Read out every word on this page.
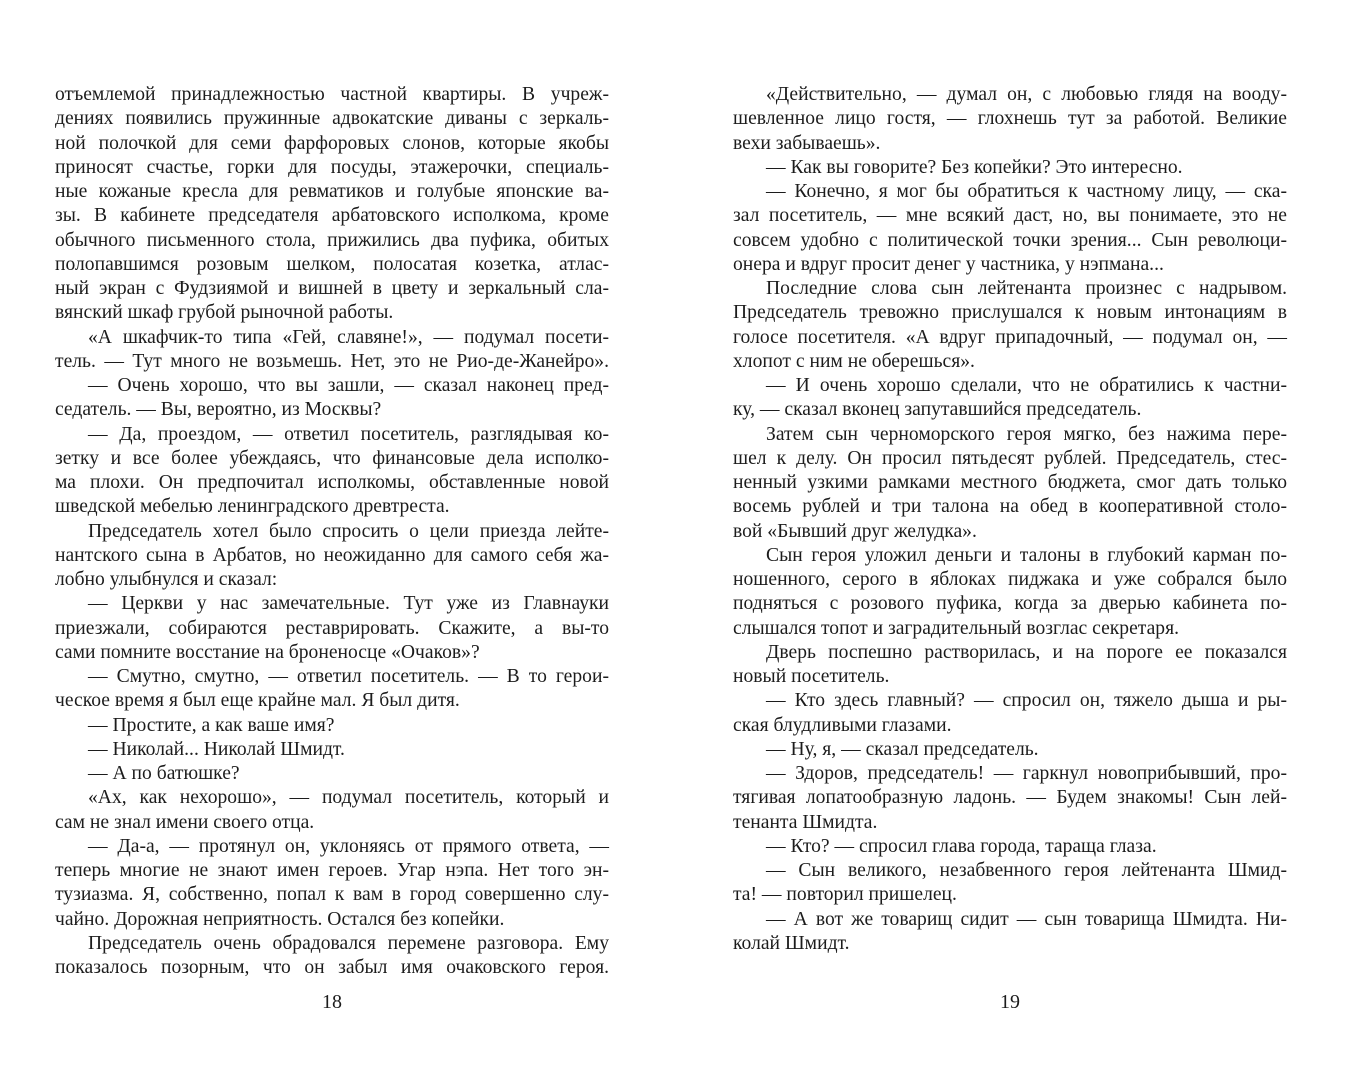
отъемлемой принадлежностью частной квартиры. В учреж-
дениях появились пружинные адвокатские диваны с зеркаль-
ной полочкой для семи фарфоровых слонов, которые якобы
приносят счастье, горки для посуды, этажерочки, специаль-
ные кожаные кресла для ревматиков и голубые японские ва-
зы. В кабинете председателя арбатовского исполкома, кроме
обычного письменного стола, прижились два пуфика, обитых
полопавшимся розовым шелком, полосатая козетка, атлас-
ный экран с Фудзиямой и вишней в цвету и зеркальный сла-
вянский шкаф грубой рыночной работы.
«А шкафчик-то типа «Гей, славяне!», — подумал посети-
тель. — Тут много не возьмешь. Нет, это не Рио-де-Жанейро».
— Очень хорошо, что вы зашли, — сказал наконец пред-
седатель. — Вы, вероятно, из Москвы?
— Да, проездом, — ответил посетитель, разглядывая ко-
зетку и все более убеждаясь, что финансовые дела исполко-
ма плохи. Он предпочитал исполкомы, обставленные новой
шведской мебелью ленинградского древтреста.
Председатель хотел было спросить о цели приезда лейте-
нантского сына в Арбатов, но неожиданно для самого себя жа-
лобно улыбнулся и сказал:
— Церкви у нас замечательные. Тут уже из Главнауки
приезжали, собираются реставрировать. Скажите, а вы-то
сами помните восстание на броненосце «Очаков»?
— Смутно, смутно, — ответил посетитель. — В то герои-
ческое время я был еще крайне мал. Я был дитя.
— Простите, а как ваше имя?
— Николай... Николай Шмидт.
— А по батюшке?
«Ах, как нехорошо», — подумал посетитель, который и
сам не знал имени своего отца.
— Да-а, — протянул он, уклоняясь от прямого ответа, —
теперь многие не знают имен героев. Угар нэпа. Нет того эн-
тузиазма. Я, собственно, попал к вам в город совершенно слу-
чайно. Дорожная неприятность. Остался без копейки.
Председатель очень обрадовался перемене разговора. Ему
показалось позорным, что он забыл имя очаковского героя.
18
«Действительно, — думал он, с любовью глядя на вооду-
шевленное лицо гостя, — глохнешь тут за работой. Великие
вехи забываешь».
— Как вы говорите? Без копейки? Это интересно.
— Конечно, я мог бы обратиться к частному лицу, — ска-
зал посетитель, — мне всякий даст, но, вы понимаете, это не
совсем удобно с политической точки зрения... Сын революци-
онера и вдруг просит денег у частника, у нэпмана...
Последние слова сын лейтенанта произнес с надрывом.
Председатель тревожно прислушался к новым интонациям в
голосе посетителя. «А вдруг припадочный, — подумал он, —
хлопот с ним не оберешься».
— И очень хорошо сделали, что не обратились к частни-
ку, — сказал вконец запутавшийся председатель.
Затем сын черноморского героя мягко, без нажима пере-
шел к делу. Он просил пятьдесят рублей. Председатель, стес-
ненный узкими рамками местного бюджета, смог дать только
восемь рублей и три талона на обед в кооперативной столо-
вой «Бывший друг желудка».
Сын героя уложил деньги и талоны в глубокий карман по-
ношенного, серого в яблоках пиджака и уже собрался было
подняться с розового пуфика, когда за дверью кабинета по-
слышался топот и заградительный возглас секретаря.
Дверь поспешно растворилась, и на пороге ее показался
новый посетитель.
— Кто здесь главный? — спросил он, тяжело дыша и ры-
ская блудливыми глазами.
— Ну, я, — сказал председатель.
— Здоров, председатель! — гаркнул новоприбывший, про-
тягивая лопатообразную ладонь. — Будем знакомы! Сын лей-
тенанта Шмидта.
— Кто? — спросил глава города, тараща глаза.
— Сын великого, незабвенного героя лейтенанта Шмид-
та! — повторил пришелец.
— А вот же товарищ сидит — сын товарища Шмидта. Ни-
колай Шмидт.
19
